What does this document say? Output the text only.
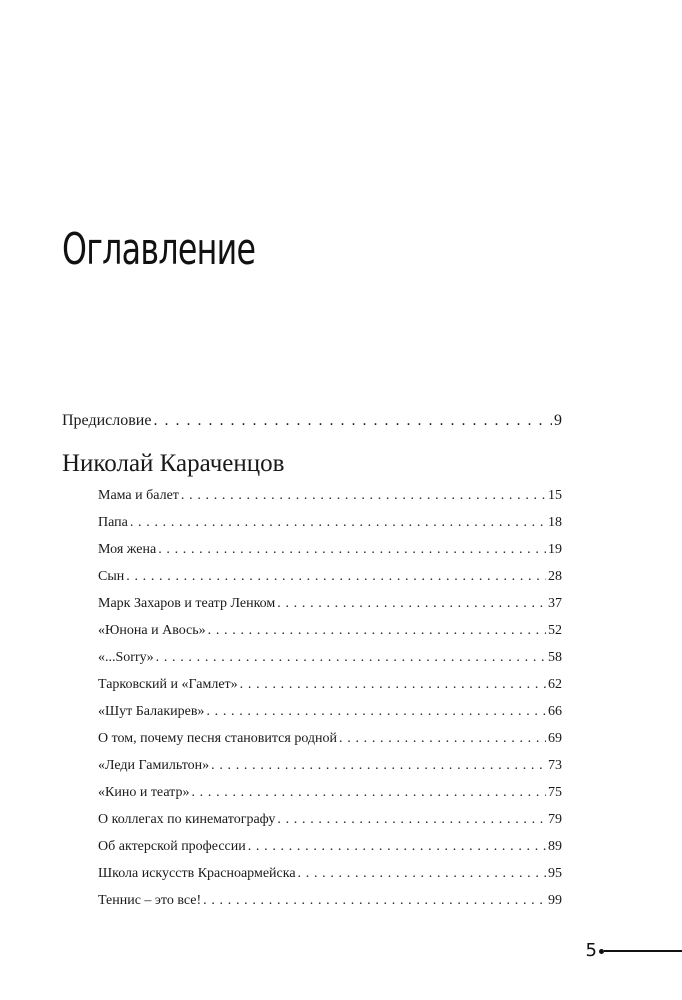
Оглавление
Предисловие . . .	9
Николай Караченцов
Мама и балет . . .	15
Папа . . .	18
Моя жена . . .	19
Сын . . .	28
Марк Захаров и театр Ленком . . .	37
«Юнона и Авось» . . .	52
«...Sorry» . . .	58
Тарковский и «Гамлет» . . .	62
«Шут Балакирев» . . .	66
О том, почему песня становится родной . . .	69
«Леди Гамильтон» . . .	73
«Кино и театр» . . .	75
О коллегах по кинематографу . . .	79
Об актерской профессии . . .	89
Школа искусств Красноармейска . . .	95
Теннис – это все! . . .	99
5
